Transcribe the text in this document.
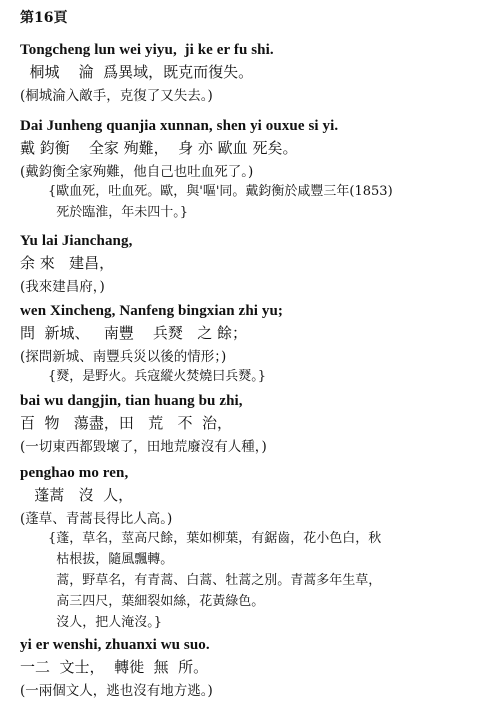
第16頁
Tongcheng lun wei yiyu,  ji ke er fu shi.
桐城    淪  爲異域，既克而復失。
(桐城淪入敵手，克復了又失去。)
Dai Junheng quanjia xunnan, shen yi ouxue si yi.
戴 鈞衡    全家 殉難，  身 亦 歐血 死矣。
(戴鈞衡全家殉難，他自己也吐血死了。)
{歐血死，吐血死。歐，與'嘔'同。戴鈞衡於咸豐三年(1853)
死於臨淮，年未四十。}
Yu lai Jianchang,
余 來   建昌，
(我來建昌府，)
wen Xincheng, Nanfeng bingxian zhi yu;
問  新城、   南豐    兵燹   之 餘；
(探問新城、南豐兵災以後的情形；)
{燹，是野火。兵寇縱火焚燒曰兵燹。}
bai wu dangjin, tian huang bu zhi,
百  物   蕩盡，田   荒   不  治，
(一切東西都毀壞了，田地荒廢沒有人種，)
penghao mo ren,
蓬蒿   沒  人，
(蓬草、青蒿長得比人高。)
{蓬，草名，莖高尺餘，葉如柳葉，有鋸齒，花小色白，秋
枯根拔，隨風飄轉。
蒿，野草名，有青蒿、白蒿、牡蒿之別。青蒿多年生草，
高三四尺，葉細裂如絲，花黃綠色。
沒人，把人淹沒。}
yi er wenshi, zhuanxi wu suo.
一二  文士，  轉徙  無  所。
(一兩個文人，逃也沒有地方逃。)
